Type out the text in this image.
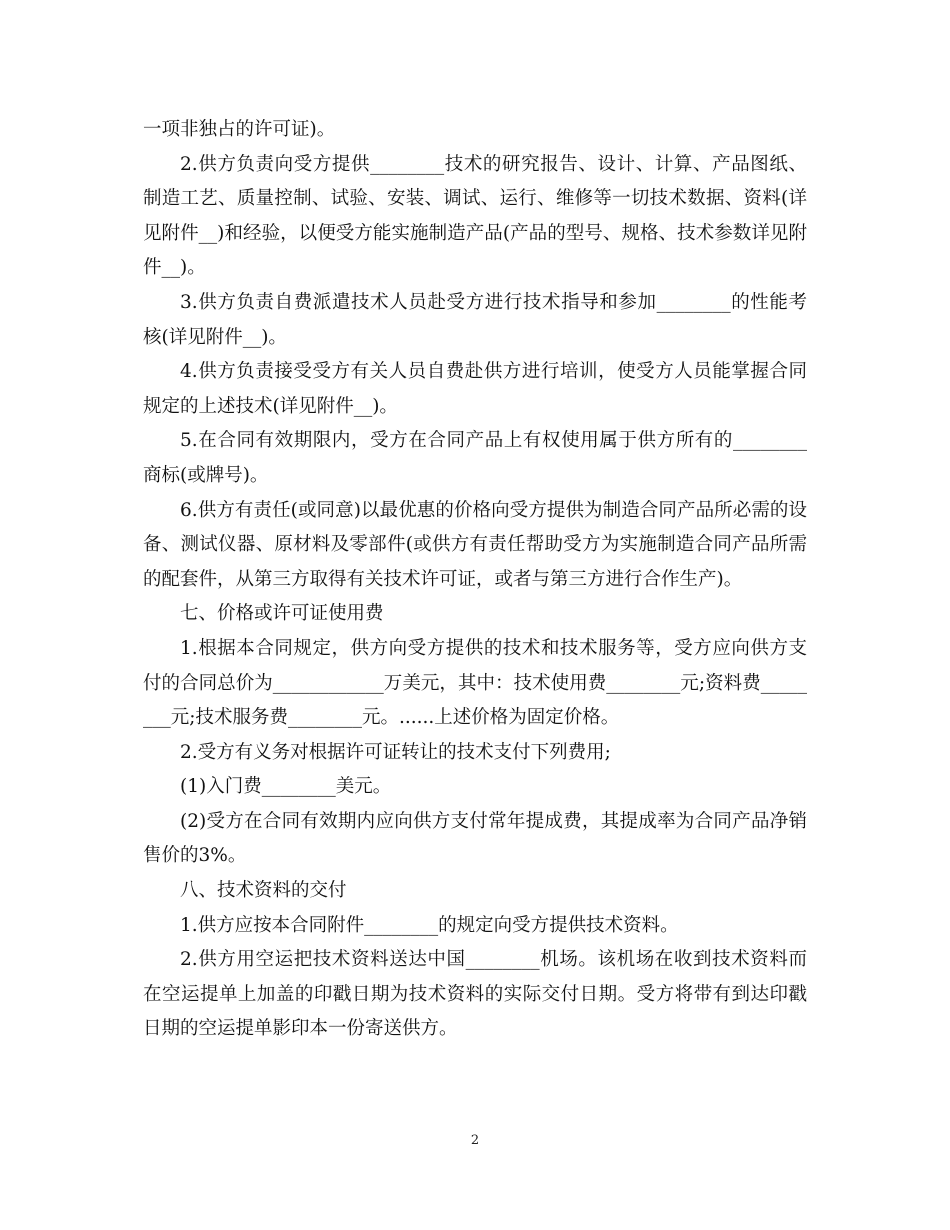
一项非独占的许可证)。

2.供方负责向受方提供________技术的研究报告、设计、计算、产品图纸、制造工艺、质量控制、试验、安装、调试、运行、维修等一切技术数据、资料(详见附件__)和经验，以便受方能实施制造产品(产品的型号、规格、技术参数详见附件__)。

3.供方负责自费派遣技术人员赴受方进行技术指导和参加________的性能考核(详见附件__)。

4.供方负责接受受方有关人员自费赴供方进行培训，使受方人员能掌握合同规定的上述技术(详见附件__)。

5.在合同有效期限内，受方在合同产品上有权使用属于供方所有的________商标(或牌号)。

6.供方有责任(或同意)以最优惠的价格向受方提供为制造合同产品所必需的设备、测试仪器、原材料及零部件(或供方有责任帮助受方为实施制造合同产品所需的配套件，从第三方取得有关技术许可证，或者与第三方进行合作生产)。

七、价格或许可证使用费

1.根据本合同规定，供方向受方提供的技术和技术服务等，受方应向供方支付的合同总价为____________万美元，其中：技术使用费________元;资料费________元;技术服务费________元。......上述价格为固定价格。

2.受方有义务对根据许可证转让的技术支付下列费用;

(1)入门费________美元。

(2)受方在合同有效期内应向供方支付常年提成费，其提成率为合同产品净销售价的3%。

八、技术资料的交付

1.供方应按本合同附件________的规定向受方提供技术资料。

2.供方用空运把技术资料送达中国________机场。该机场在收到技术资料而在空运提单上加盖的印戳日期为技术资料的实际交付日期。受方将带有到达印戳日期的空运提单影印本一份寄送供方。

2
